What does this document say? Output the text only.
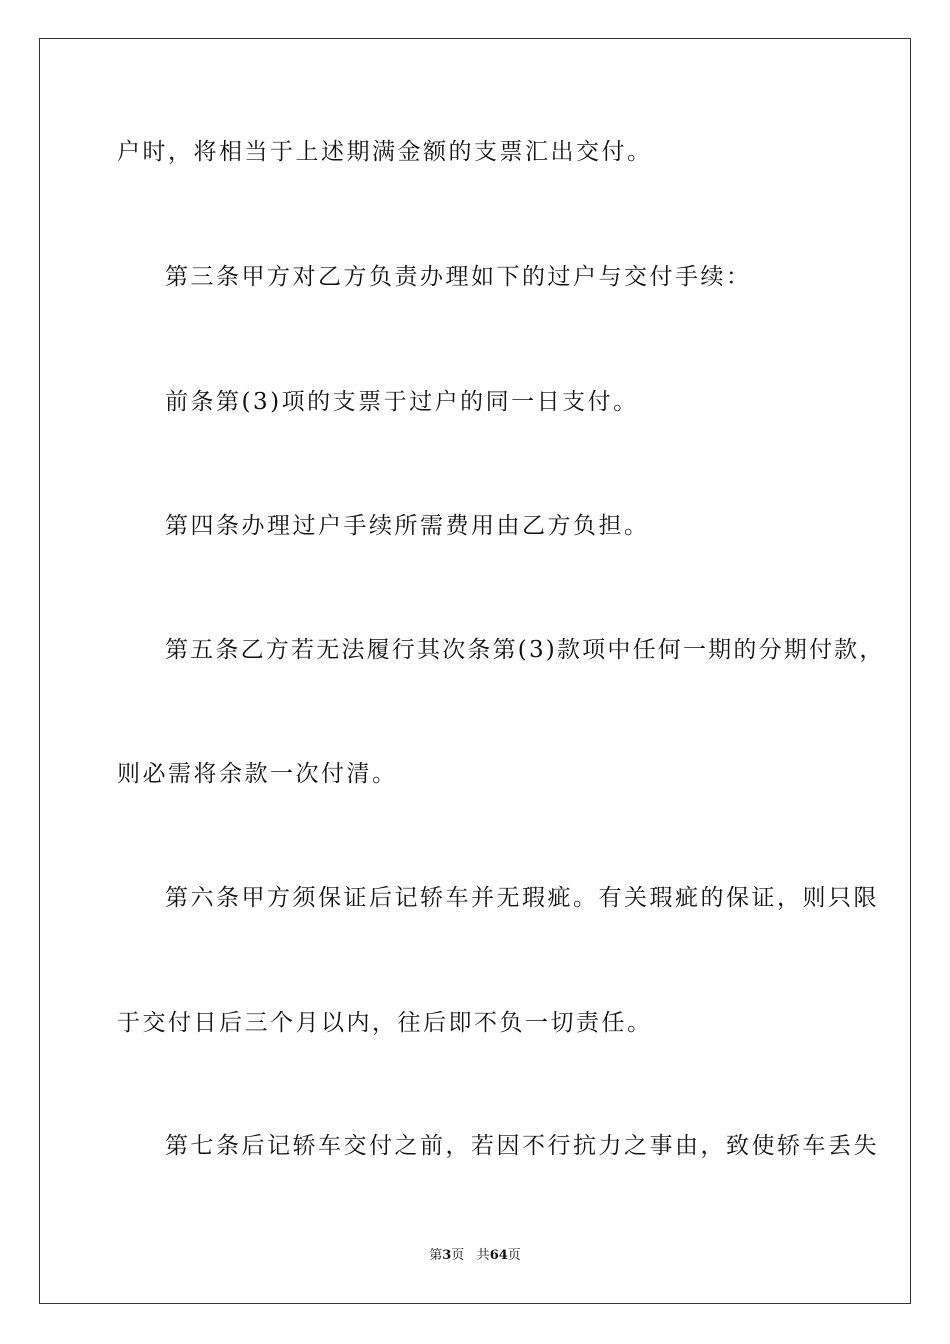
户时，将相当于上述期满金额的支票汇出交付。
第三条甲方对乙方负责办理如下的过户与交付手续：
前条第(3)项的支票于过户的同一日支付。
第四条办理过户手续所需费用由乙方负担。
第五条乙方若无法履行其次条第(3)款项中任何一期的分期付款，
则必需将余款一次付清。
第六条甲方须保证后记轿车并无瑕疵。有关瑕疵的保证，则只限
于交付日后三个月以内，往后即不负一切责任。
第七条后记轿车交付之前，若因不行抗力之事由，致使轿车丢失
第3页 共64页
